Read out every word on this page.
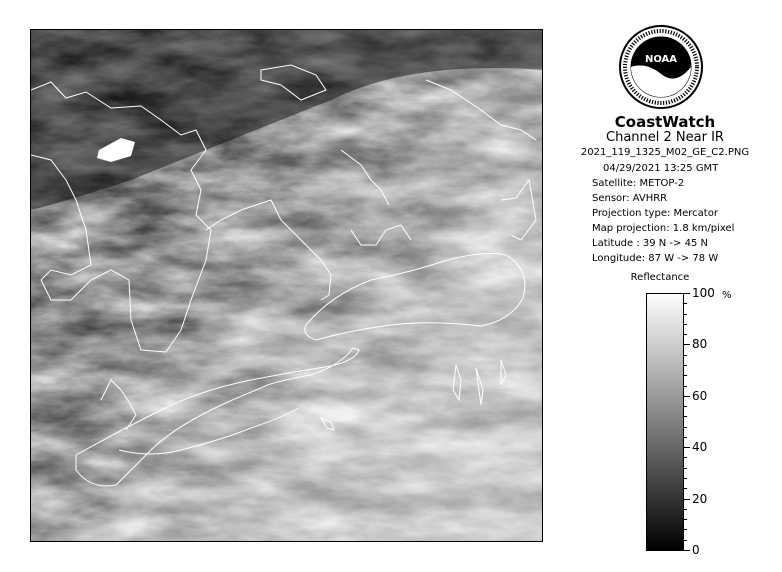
NOAA
CoastWatch
Channel 2 Near IR
2021_119_1325_M02_GE_C2.PNG
04/29/2021 13:25 GMT
Satellite: METOP-2
Sensor: AVHRR
Projection type: Mercator
Map projection: 1.8 km/pixel
Latitude : 39 N -> 45 N
Longitude: 87 W -> 78 W
Reflectance
100
80
60
40
20
0
%
